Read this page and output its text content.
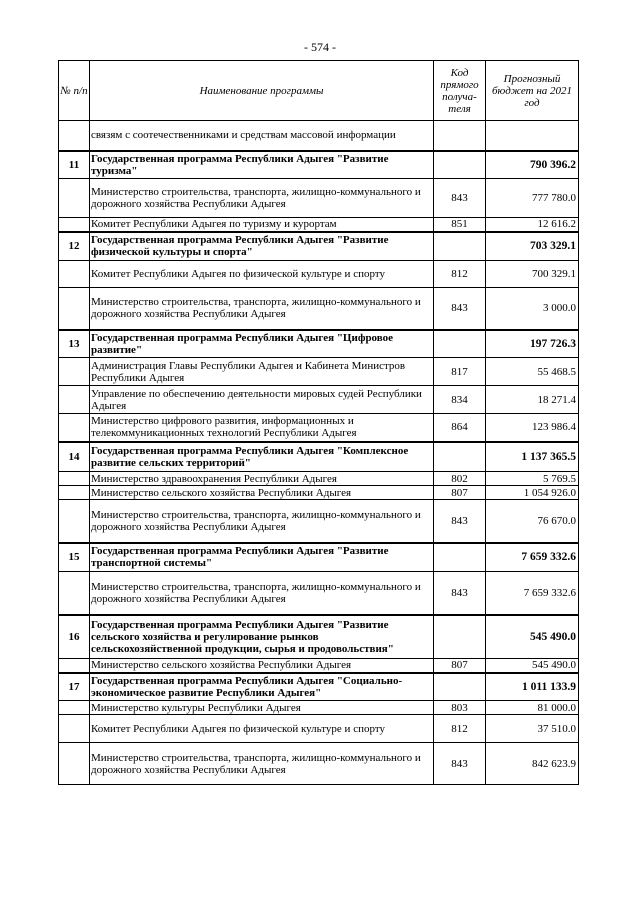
- 574 -
№ п/п	Наименование программы	Код прямого получа-теля	Прогнозный бюджет на 2021 год
	связям с соотечественниками и средствам массовой информации		
11	Государственная программа Республики Адыгея "Развитие туризма"		790 396.2
	Министерство строительства, транспорта, жилищно-коммунального и дорожного хозяйства Республики Адыгея	843	777 780.0
	Комитет Республики Адыгея по туризму и курортам	851	12 616.2
12	Государственная программа Республики Адыгея "Развитие физической культуры и спорта"		703 329.1
	Комитет Республики Адыгея по физической культуре и спорту	812	700 329.1
	Министерство строительства, транспорта, жилищно-коммунального и дорожного хозяйства Республики Адыгея	843	3 000.0
13	Государственная программа Республики Адыгея "Цифровое развитие"		197 726.3
	Администрация Главы Республики Адыгея и Кабинета Министров Республики Адыгея	817	55 468.5
	Управление по обеспечению деятельности мировых судей Республики Адыгея	834	18 271.4
	Министерство цифрового развития, информационных и телекоммуникационных технологий Республики Адыгея	864	123 986.4
14	Государственная программа Республики Адыгея "Комплексное развитие сельских территорий"		1 137 365.5
	Министерство здравоохранения Республики Адыгея	802	5 769.5
	Министерство сельского хозяйства Республики Адыгея	807	1 054 926.0
	Министерство строительства, транспорта, жилищно-коммунального и дорожного хозяйства Республики Адыгея	843	76 670.0
15	Государственная программа Республики Адыгея "Развитие транспортной системы"		7 659 332.6
	Министерство строительства, транспорта, жилищно-коммунального и дорожного хозяйства Республики Адыгея	843	7 659 332.6
16	Государственная программа Республики Адыгея "Развитие сельского хозяйства и регулирование рынков сельскохозяйственной продукции, сырья и продовольствия"		545 490.0
	Министерство сельского хозяйства Республики Адыгея	807	545 490.0
17	Государственная программа Республики Адыгея "Социально-экономическое развитие Республики Адыгея"		1 011 133.9
	Министерство культуры Республики Адыгея	803	81 000.0
	Комитет Республики Адыгея по физической культуре и спорту	812	37 510.0
	Министерство строительства, транспорта, жилищно-коммунального и дорожного хозяйства Республики Адыгея	843	842 623.9
